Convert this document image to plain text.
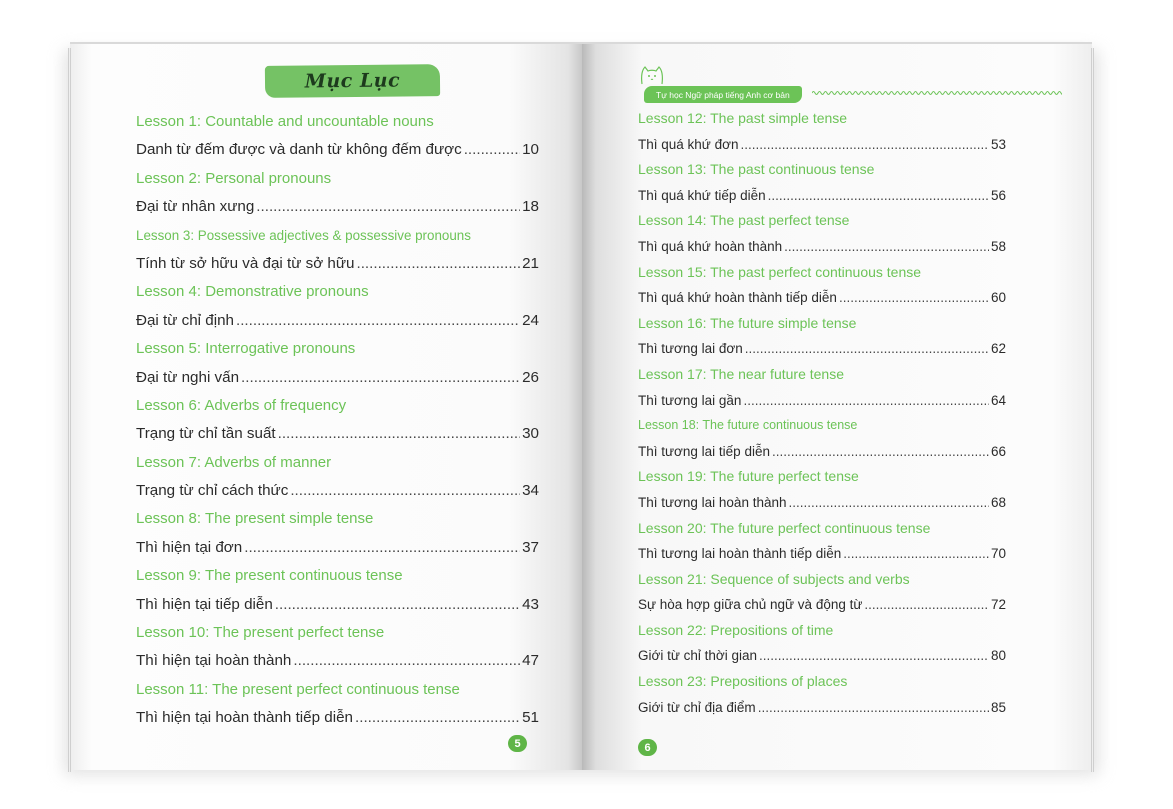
Mục Lục
Lesson 1: Countable and uncountable nouns
Danh từ đếm được và danh từ không đếm được .....	10
Lesson 2: Personal pronouns
Đại từ nhân xưng .....	18
Lesson 3: Possessive adjectives & possessive pronouns
Tính từ sở hữu và đại từ sở hữu .....	21
Lesson 4: Demonstrative pronouns
Đại từ chỉ định .....	24
Lesson 5: Interrogative pronouns
Đại từ nghi vấn .....	26
Lesson 6: Adverbs of frequency
Trạng từ chỉ tần suất .....	30
Lesson 7: Adverbs of manner
Trạng từ chỉ cách thức .....	34
Lesson 8: The present simple tense
Thì hiện tại đơn .....	37
Lesson 9: The present continuous tense
Thì hiện tại tiếp diễn .....	43
Lesson 10: The present perfect tense
Thì hiện tại hoàn thành .....	47
Lesson 11: The present perfect continuous tense
Thì hiện tại hoàn thành tiếp diễn .....	51
5
Tự học Ngữ pháp tiếng Anh cơ bản
Lesson 12: The past simple tense
Thì quá khứ đơn .....	53
Lesson 13: The past continuous tense
Thì quá khứ tiếp diễn .....	56
Lesson 14: The past perfect tense
Thì quá khứ hoàn thành .....	58
Lesson 15: The past perfect continuous tense
Thì quá khứ hoàn thành tiếp diễn .....	60
Lesson 16: The future simple tense
Thì tương lai đơn .....	62
Lesson 17: The near future tense
Thì tương lai gần .....	64
Lesson 18: The future continuous tense
Thì tương lai tiếp diễn .....	66
Lesson 19: The future perfect tense
Thì tương lai hoàn thành .....	68
Lesson 20: The future perfect continuous tense
Thì tương lai hoàn thành tiếp diễn .....	70
Lesson 21: Sequence of subjects and verbs
Sự hòa hợp giữa chủ ngữ và động từ .....	72
Lesson 22: Prepositions of time
Giới từ chỉ thời gian .....	80
Lesson 23: Prepositions of places
Giới từ chỉ địa điểm .....	85
6
